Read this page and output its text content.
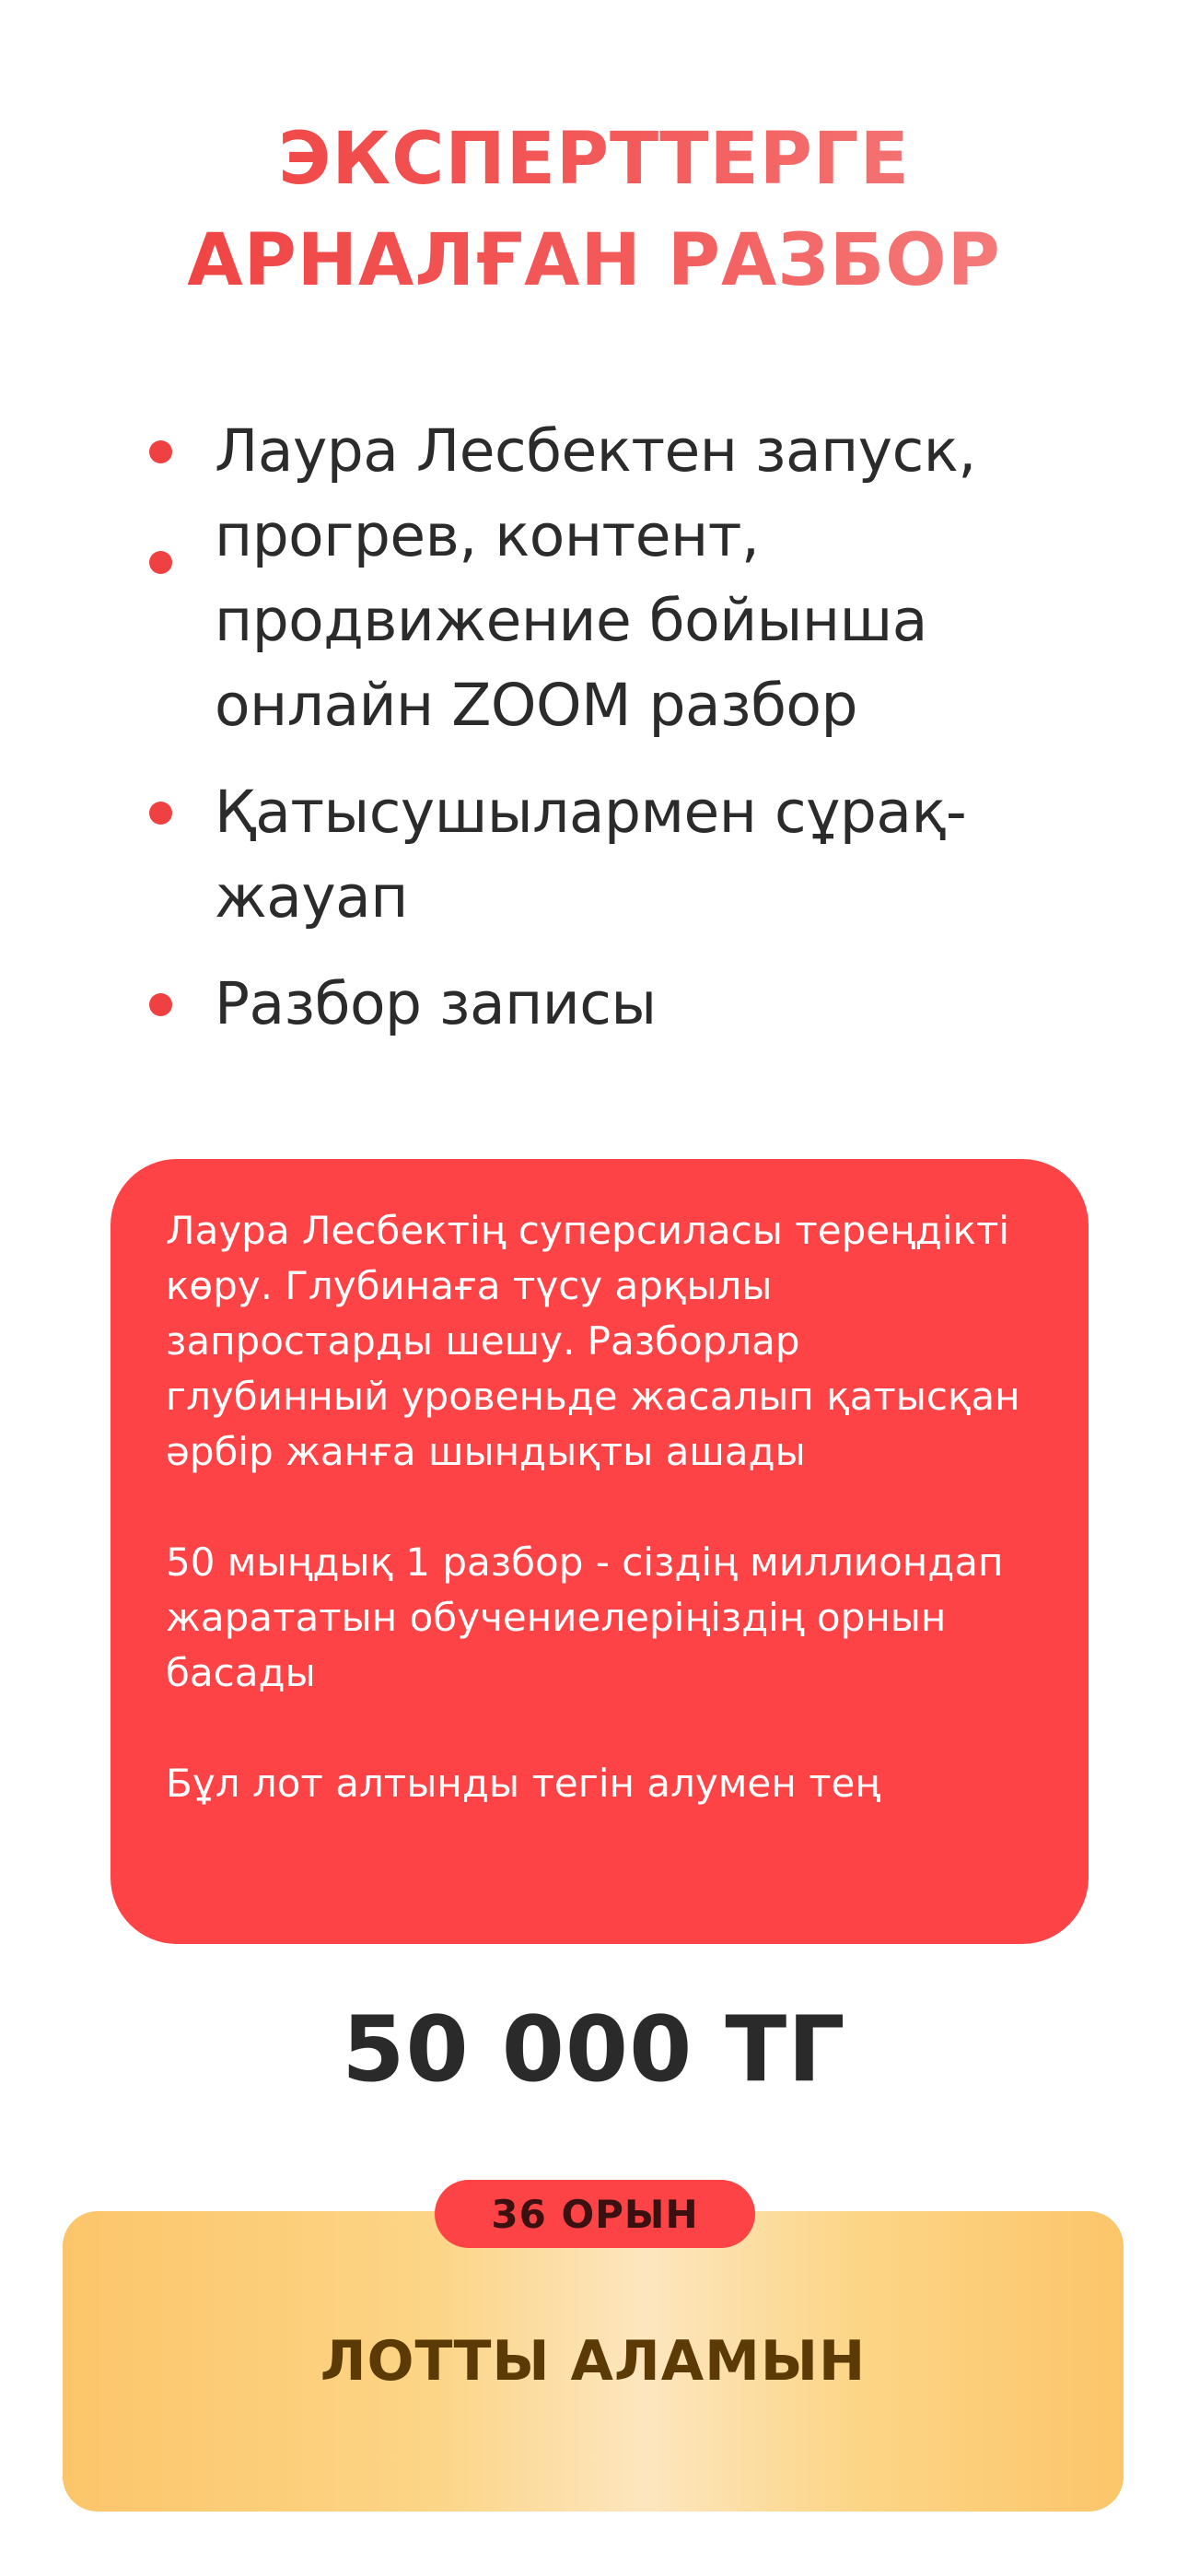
ЭКСПЕРТТЕРГЕ
АРНАЛҒАН РАЗБОР
Лаура Лесбектен запуск, прогрев, контент, продвижение бойынша онлайн ZOOM разбор
Қатысушылармен сұрақ-жауап
Разбор записы

Лаура Лесбектің суперсиласы тереңдікті көру. Глубинаға түсу арқылы запростарды шешу. Разборлар глубинный уровеньде жасалып қатысқан әрбір жанға шындықты ашады

50 мыңдық 1 разбор - сіздің миллиондап жарататын обучениелеріңіздің орнын басады

Бұл лот алтынды тегін алумен тең

50 000 ТГ
36 ОРЫН
ЛОТТЫ АЛАМЫН
